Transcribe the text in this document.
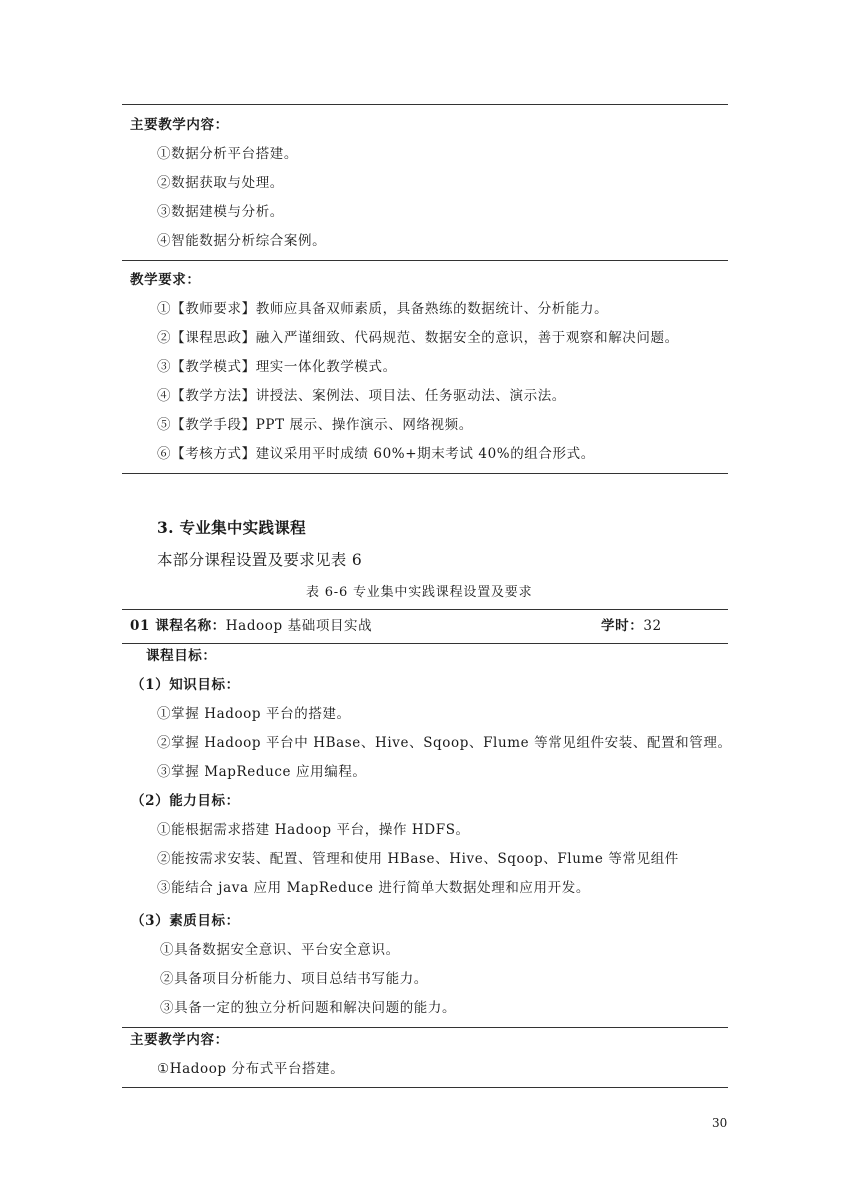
主要教学内容：
①数据分析平台搭建。
②数据获取与处理。
③数据建模与分析。
④智能数据分析综合案例。
教学要求：
①【教师要求】教师应具备双师素质，具备熟练的数据统计、分析能力。
②【课程思政】融入严谨细致、代码规范、数据安全的意识，善于观察和解决问题。
③【教学模式】理实一体化教学模式。
④【教学方法】讲授法、案例法、项目法、任务驱动法、演示法。
⑤【教学手段】PPT 展示、操作演示、网络视频。
⑥【考核方式】建议采用平时成绩 60%+期末考试 40%的组合形式。
3. 专业集中实践课程
本部分课程设置及要求见表 6
表 6-6 专业集中实践课程设置及要求
01 课程名称：Hadoop 基础项目实战	学时：32
课程目标：
（1）知识目标：
①掌握 Hadoop 平台的搭建。
②掌握 Hadoop 平台中 HBase、Hive、Sqoop、Flume 等常见组件安装、配置和管理。
③掌握 MapReduce 应用编程。
（2）能力目标：
①能根据需求搭建 Hadoop 平台，操作 HDFS。
②能按需求安装、配置、管理和使用 HBase、Hive、Sqoop、Flume 等常见组件
③能结合 java 应用 MapReduce 进行简单大数据处理和应用开发。
（3）素质目标：
①具备数据安全意识、平台安全意识。
②具备项目分析能力、项目总结书写能力。
③具备一定的独立分析问题和解决问题的能力。
主要教学内容：
①Hadoop 分布式平台搭建。
30
